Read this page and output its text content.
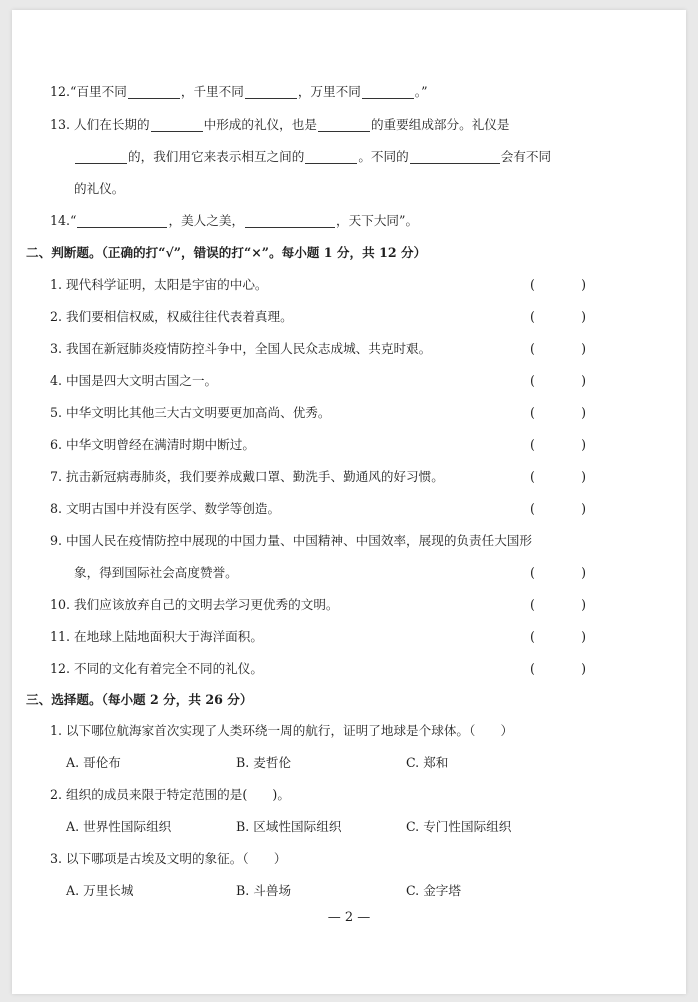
12.“百里不同	，千里不同	，万里不同	。”
13. 人们在长期的	中形成的礼仪，也是	的重要组成部分。礼仪是
的，我们用它来表示相互之间的	。不同的	会有不同
的礼仪。
14.“	，美人之美，	，天下大同”。
二、判断题。（正确的打“√”，错误的打“×”。每小题 1 分，共 12 分）
1. 现代科学证明，太阳是宇宙的中心。	(	)
2. 我们要相信权威，权威往往代表着真理。	(	)
3. 我国在新冠肺炎疫情防控斗争中，全国人民众志成城、共克时艰。	(	)
4. 中国是四大文明古国之一。	(	)
5. 中华文明比其他三大古文明要更加高尚、优秀。	(	)
6. 中华文明曾经在满清时期中断过。	(	)
7. 抗击新冠病毒肺炎，我们要养成戴口罩、勤洗手、勤通风的好习惯。	(	)
8. 文明古国中并没有医学、数学等创造。	(	)
9. 中国人民在疫情防控中展现的中国力量、中国精神、中国效率，展现的负责任大国形
象，得到国际社会高度赞誉。	(	)
10. 我们应该放弃自己的文明去学习更优秀的文明。	(	)
11. 在地球上陆地面积大于海洋面积。	(	)
12. 不同的文化有着完全不同的礼仪。	(	)
三、选择题。（每小题 2 分，共 26 分）
1. 以下哪位航海家首次实现了人类环绕一周的航行，证明了地球是个球体。（　　）
A. 哥伦布	B. 麦哲伦	C. 郑和
2. 组织的成员来限于特定范围的是(　　)。
A. 世界性国际组织	B. 区域性国际组织	C. 专门性国际组织
3. 以下哪项是古埃及文明的象征。（　　）
A. 万里长城	B. 斗兽场	C. 金字塔
— 2 —
